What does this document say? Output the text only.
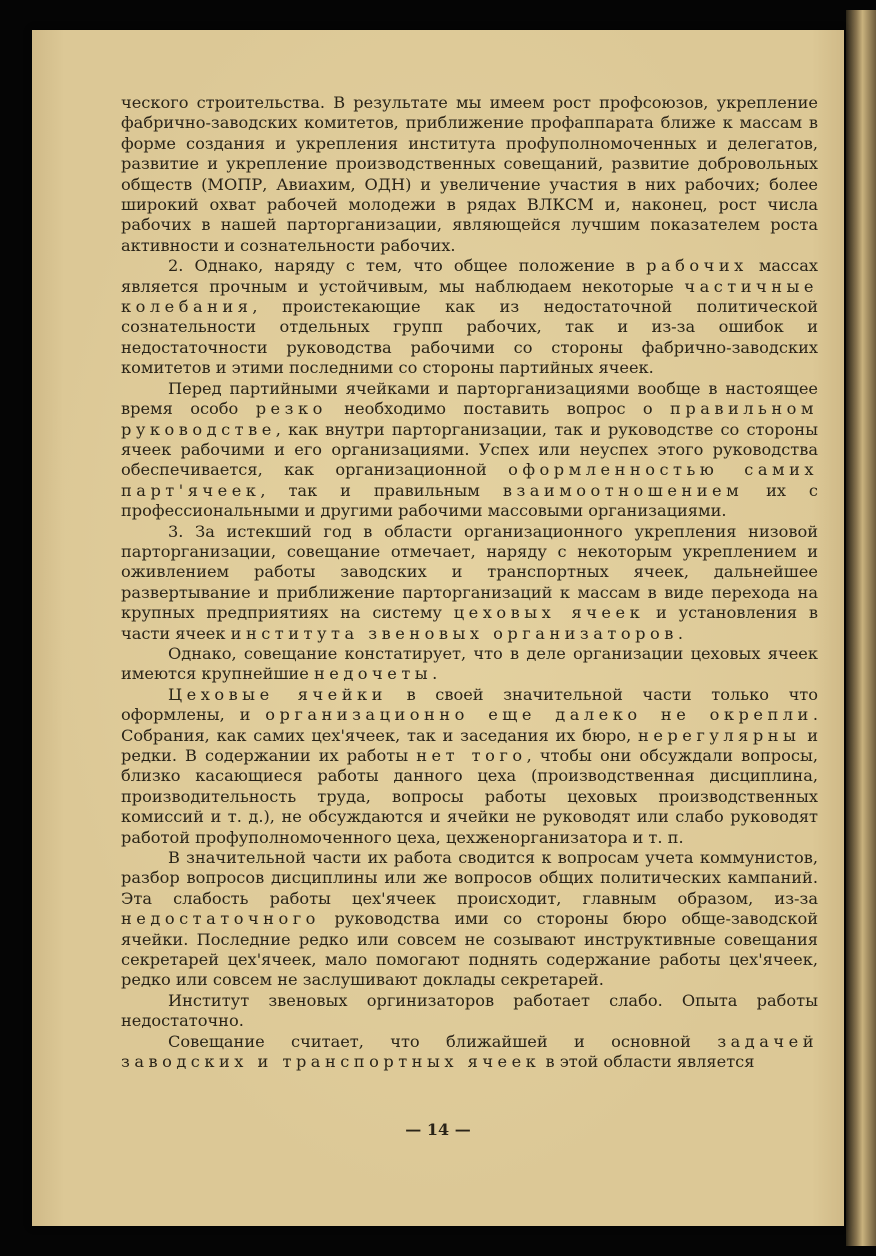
ческого строительства. В результате мы имеем рост профсоюзов, укрепление фабрично-заводских комитетов, приближение профаппарата ближе к массам в форме создания и укрепления института профуполномоченных и делегатов, развитие и укрепление производственных совещаний, развитие добровольных обществ (МОПР, Авиахим, ОДН) и увеличение участия в них рабочих; более широкий охват рабочей молодежи в рядах ВЛКСМ и, наконец, рост числа рабочих в нашей парторганизации, являющейся лучшим показателем роста активности и сознательности рабочих.

2. Однако, наряду с тем, что общее положение в рабочих массах является прочным и устойчивым, мы наблюдаем некоторые частичные колебания, проистекающие как из недостаточной политической сознательности отдельных групп рабочих, так и из-за ошибок и недостаточности руководства рабочими со стороны фабрично-заводских комитетов и этими последними со стороны партийных ячеек.

Перед партийными ячейками и парторганизациями вообще в настоящее время особо резко необходимо поставить вопрос о правильном руководстве, как внутри парторганизации, так и руководстве со стороны ячеек рабочими и его организациями. Успех или неуспех этого руководства обеспечивается, как организационной оформленностью самих парт'ячеек, так и правильным взаимоотношением их с профессиональными и другими рабочими массовыми организациями.

3. За истекший год в области организационного укрепления низовой парторганизации, совещание отмечает, наряду с некоторым укреплением и оживлением работы заводских и транспортных ячеек, дальнейшее развертывание и приближение парторганизаций к массам в виде перехода на крупных предприятиях на систему цеховых ячеек и установления в части ячеек института звеновых организаторов.

Однако, совещание констатирует, что в деле организации цеховых ячеек имеются крупнейшие недочеты.

Цеховые ячейки в своей значительной части только что оформлены, и организационно еще далеко не окрепли. Собрания, как самих цех'ячеек, так и заседания их бюро, нерегулярны и редки. В содержании их работы нет того, чтобы они обсуждали вопросы, близко касающиеся работы данного цеха (производственная дисциплина, производительность труда, вопросы работы цеховых производственных комиссий и т. д.), не обсуждаются и ячейки не руководят или слабо руководят работой профуполномоченного цеха, цехженорганизатора и т. п.

В значительной части их работа сводится к вопросам учета коммунистов, разбор вопросов дисциплины или же вопросов общих политических кампаний. Эта слабость работы цех'ячеек происходит, главным образом, из-за недостаточного руководства ими со стороны бюро обще-заводской ячейки. Последние редко или совсем не созывают инструктивные совещания секретарей цех'ячеек, мало помогают поднять содержание работы цех'ячеек, редко или совсем не заслушивают доклады секретарей.

Институт звеновых оргинизаторов работает слабо. Опыта работы недостаточно.

Совещание считает, что ближайшей и основной задачей заводских и транспортных ячеек в этой области является

— 14 —
